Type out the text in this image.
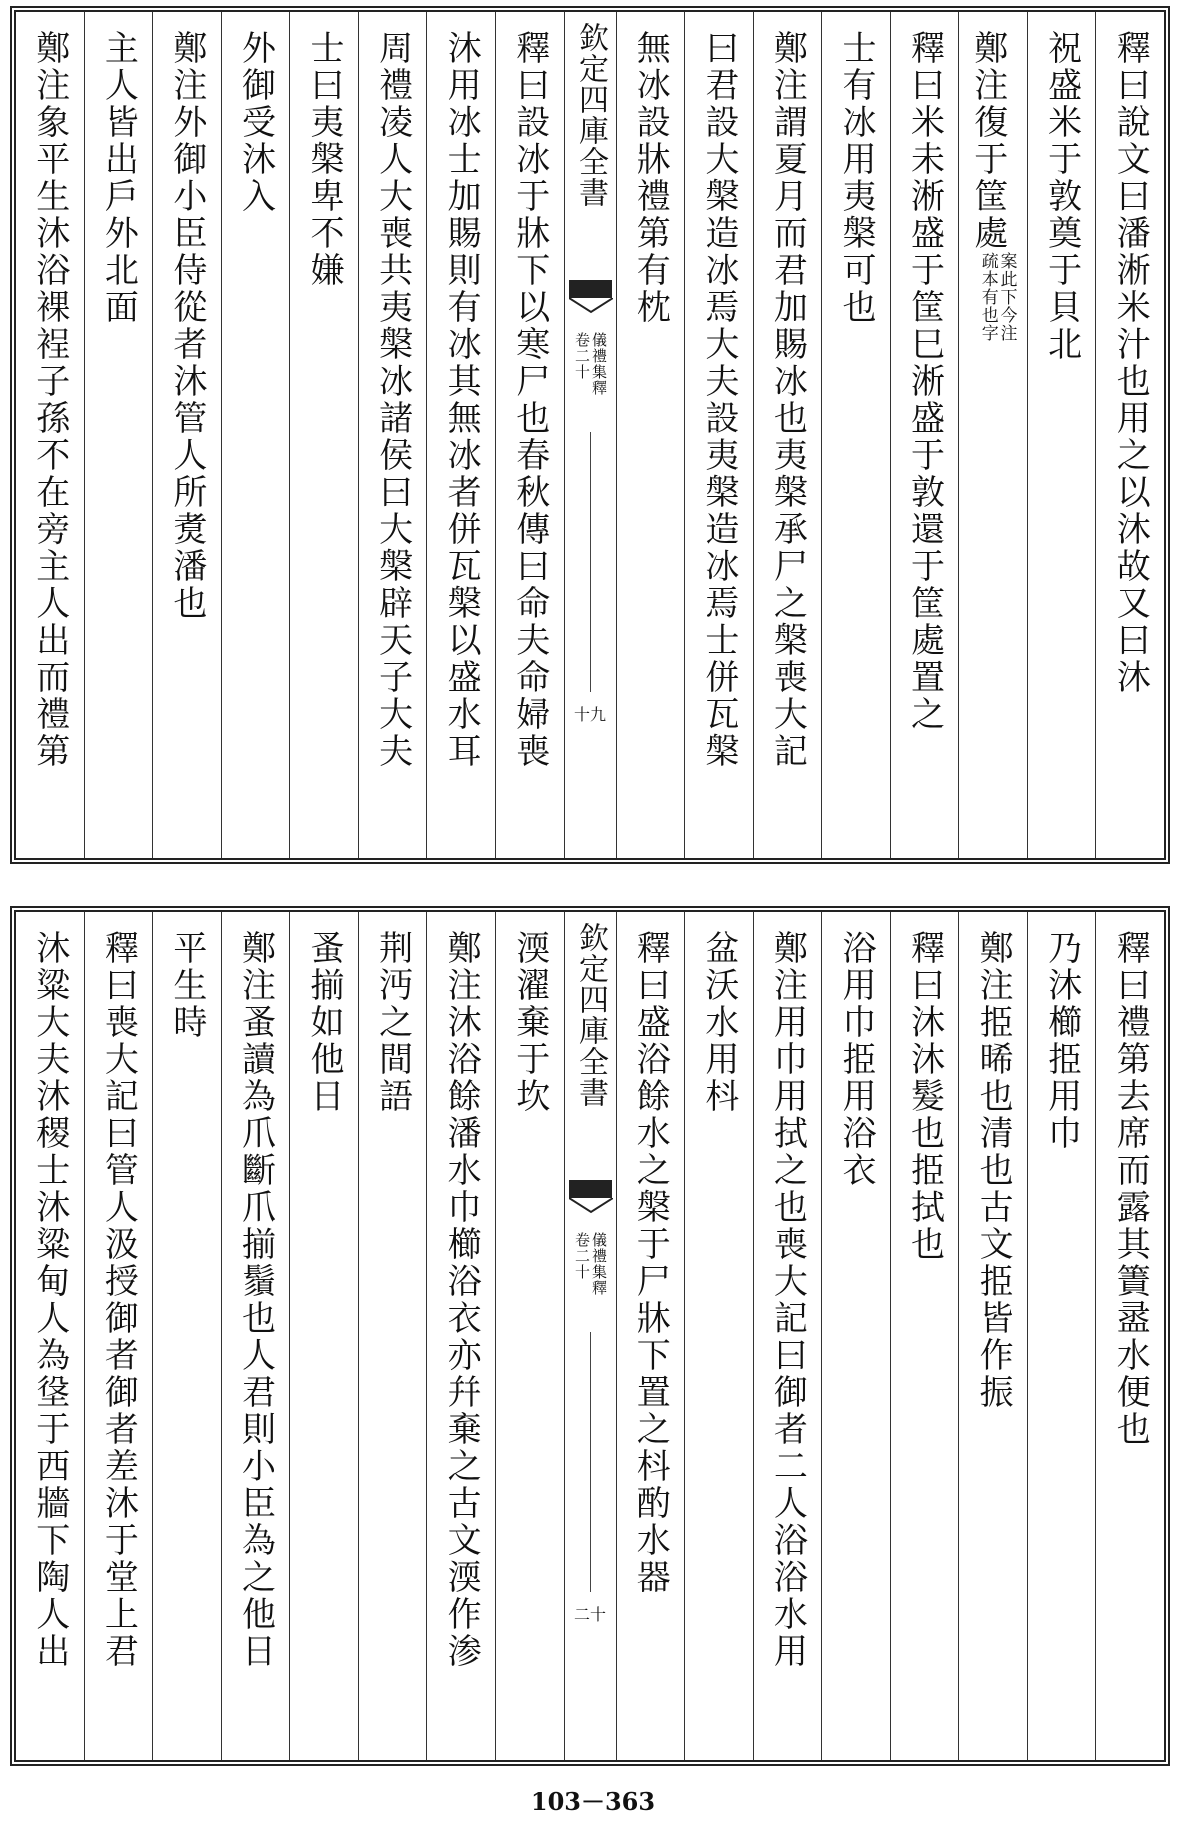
釋曰說文曰潘淅米汁也用之以沐故又曰沐
祝盛米于敦奠于貝北
鄭注復于筐處案此下今注
疏本有也字
釋曰米未淅盛于筐巳淅盛于敦還于筐處置之
士有冰用夷槃可也
鄭注謂夏月而君加賜冰也夷槃承尸之槃喪大記
曰君設大槃造冰焉大夫設夷槃造冰焉士併瓦槃
無冰設牀禮第有枕
欽定四庫全書
儀禮集釋
卷二十
十九
釋曰設冰于牀下以寒尸也春秋傳曰命夫命婦喪
沐用冰士加賜則有冰其無冰者併瓦槃以盛水耳
周禮凌人大喪共夷槃冰諸侯曰大槃辟天子大夫
士曰夷槃卑不嫌
外御受沐入
鄭注外御小臣侍從者沐管人所煑潘也
主人皆出戶外北面
鄭注象平生沐浴裸裎子孫不在旁主人出而禮第
釋曰禮第去席而露其簀盝水便也
乃沐櫛挋用巾
鄭注挋晞也清也古文挋皆作振
釋曰沐沐髮也挋拭也
浴用巾挋用浴衣
鄭注用巾用拭之也喪大記曰御者二人浴浴水用
盆沃水用枓
釋曰盛浴餘水之槃于尸牀下置之枓酌水器
欽定四庫全書
儀禮集釋
卷二十
二十
渜濯棄于坎
鄭注沐浴餘潘水巾櫛浴衣亦幷棄之古文渜作渗
荆沔之間語
蚤揃如他日
鄭注蚤讀為爪斷爪揃鬚也人君則小臣為之他日
平生時
釋曰喪大記曰管人汲授御者御者差沐于堂上君
沐粱大夫沐稷士沐粱甸人為垼于西牆下陶人出
103－363
